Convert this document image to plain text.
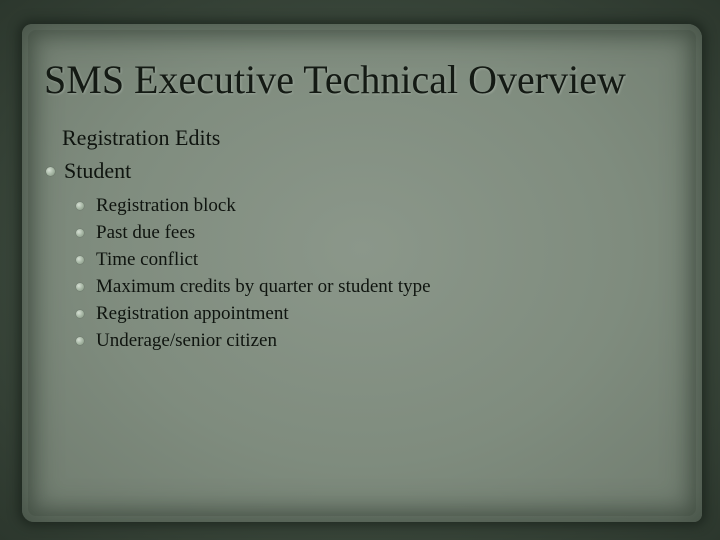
SMS Executive Technical Overview

Registration Edits

Student
Registration block
Past due fees
Time conflict
Maximum credits by quarter or student type
Registration appointment
Underage/senior citizen
